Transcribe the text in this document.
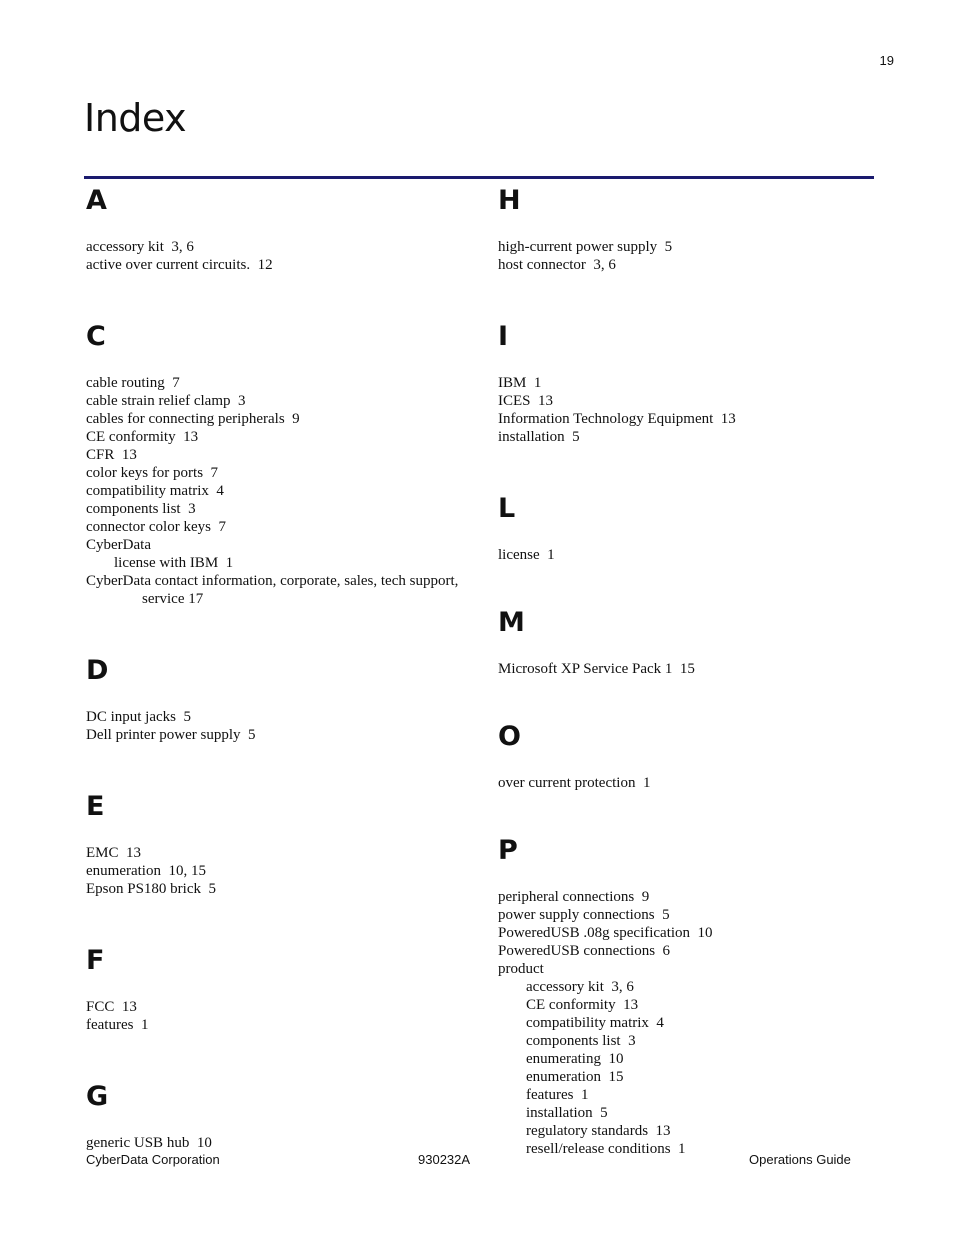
19
Index
A
accessory kit  3, 6
active over current circuits.  12
C
cable routing  7
cable strain relief clamp  3
cables for connecting peripherals  9
CE conformity  13
CFR  13
color keys for ports  7
compatibility matrix  4
components list  3
connector color keys  7
CyberData
license with IBM  1
CyberData contact information, corporate, sales, tech support, service 17
D
DC input jacks  5
Dell printer power supply  5
E
EMC  13
enumeration  10, 15
Epson PS180 brick  5
F
FCC  13
features  1
G
generic USB hub  10
H
high-current power supply  5
host connector  3, 6
I
IBM  1
ICES  13
Information Technology Equipment  13
installation  5
L
license  1
M
Microsoft XP Service Pack 1  15
O
over current protection  1
P
peripheral connections  9
power supply connections  5
PoweredUSB .08g specification  10
PoweredUSB connections  6
product
accessory kit  3, 6
CE conformity  13
compatibility matrix  4
components list  3
enumerating  10
enumeration  15
features  1
installation  5
regulatory standards  13
resell/release conditions  1
CyberData Corporation	930232A	Operations Guide
